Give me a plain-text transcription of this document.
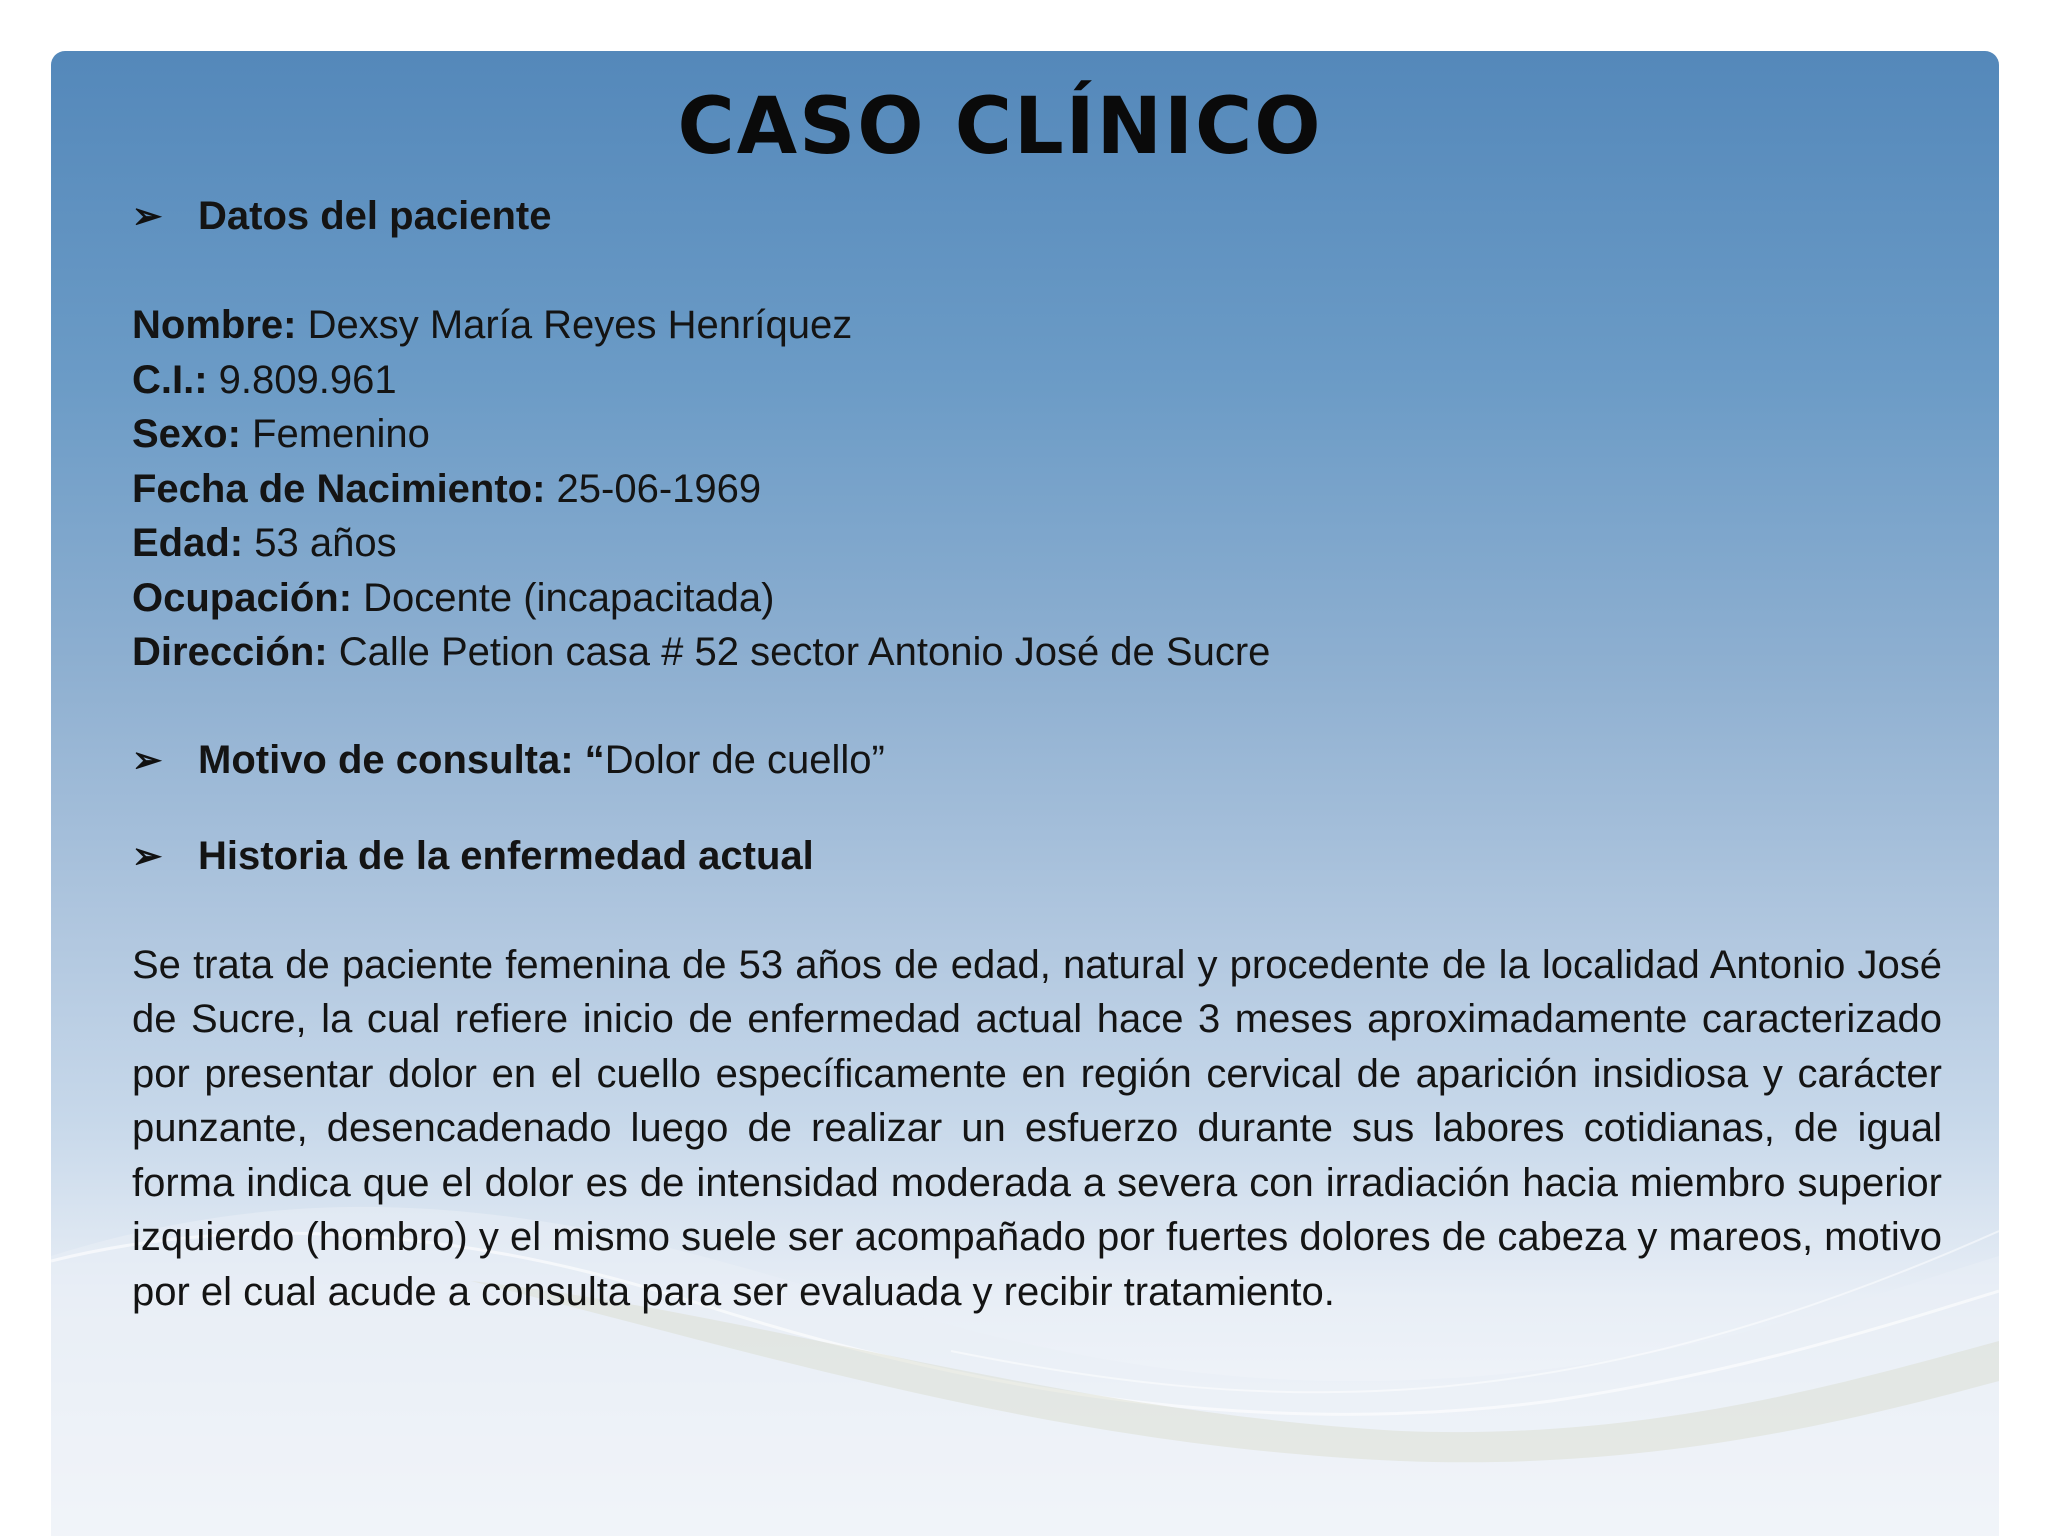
CASO CLÍNICO
➢ Datos del paciente
Nombre: Dexsy María Reyes Henríquez
C.I.: 9.809.961
Sexo: Femenino
Fecha de Nacimiento: 25-06-1969
Edad: 53 años
Ocupación: Docente (incapacitada)
Dirección: Calle Petion casa # 52 sector Antonio José de Sucre
➢ Motivo de consulta: “Dolor de cuello”
➢ Historia de la enfermedad actual

Se trata de paciente femenina de 53 años de edad, natural y procedente de la localidad Antonio José de Sucre, la cual refiere inicio de enfermedad actual hace 3 meses aproximadamente caracterizado por presentar dolor en el cuello específicamente en región cervical de aparición insidiosa y carácter punzante, desencadenado luego de realizar un esfuerzo durante sus labores cotidianas, de igual forma indica que el dolor es de intensidad moderada a severa con irradiación hacia miembro superior izquierdo (hombro) y el mismo suele ser acompañado por fuertes dolores de cabeza y mareos, motivo por el cual acude a consulta para ser evaluada y recibir tratamiento.
